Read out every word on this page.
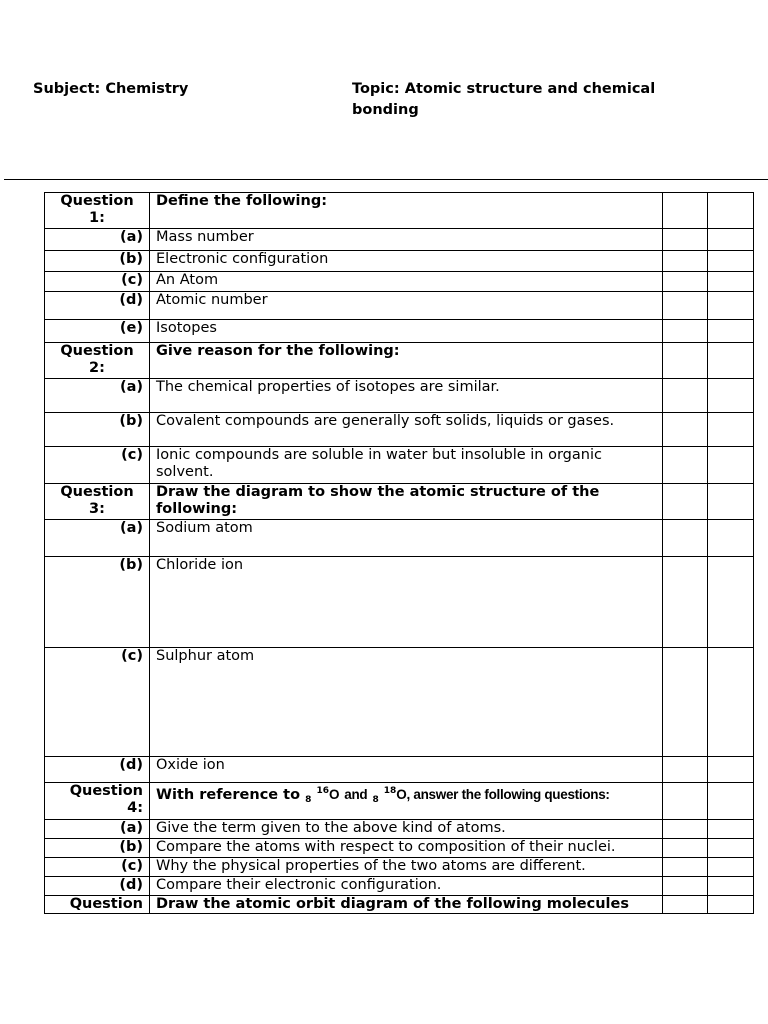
Subject: Chemistry	Topic: Atomic structure and chemical bonding
Question 1:	Define the following:		
(a)	Mass number		
(b)	Electronic configuration		
(c)	An Atom		
(d)	Atomic number		
(e)	Isotopes		
Question 2:	Give reason for the following:		
(a)	The chemical properties of isotopes are similar.		
(b)	Covalent compounds are generally soft solids, liquids or gases.		
(c)	Ionic compounds are soluble in water but insoluble in organic solvent.		
Question 3:	Draw the diagram to show the atomic structure of the following:		
(a)	Sodium atom		
(b)	Chloride ion		
(c)	Sulphur atom		
(d)	Oxide ion		
Question 4:	With reference to $_8$ $^{16}$O and $_8$ $^{18}$O, answer the following questions:		
(a)	Give the term given to the above kind of atoms.		
(b)	Compare the atoms with respect to composition of their nuclei.		
(c)	Why the physical properties of the two atoms are different.		
(d)	Compare their electronic configuration.		
Question	Draw the atomic orbit diagram of the following molecules		
